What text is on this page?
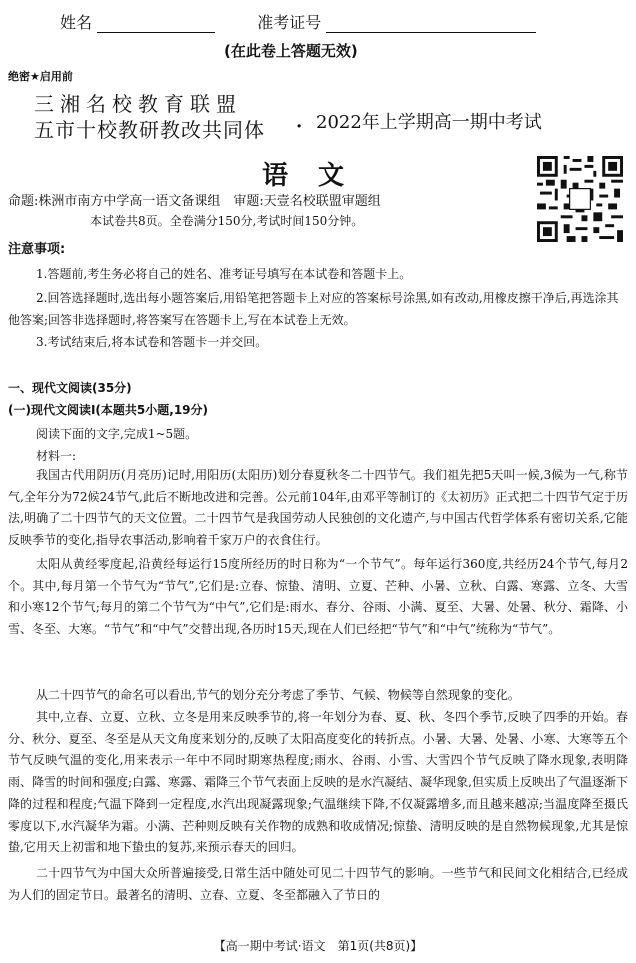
姓名	准考证号
(在此卷上答题无效)
绝密★启用前
三湘名校教育联盟
五市十校教研教改共同体 · 2022年上学期高一期中考试
语 文
命题:株洲市南方中学高一语文备课组　审题:天壹名校联盟审题组
本试卷共8页。全卷满分150分,考试时间150分钟。
注意事项:
1.答题前,考生务必将自己的姓名、准考证号填写在本试卷和答题卡上。
2.回答选择题时,选出每小题答案后,用铅笔把答题卡上对应的答案标号涂黑,如有改动,用橡皮擦干净后,再选涂其他答案;回答非选择题时,将答案写在答题卡上,写在本试卷上无效。
3.考试结束后,将本试卷和答题卡一并交回。
一、现代文阅读(35分)
(一)现代文阅读Ⅰ(本题共5小题,19分)
阅读下面的文字,完成1~5题。
材料一:
我国古代用阴历(月亮历)记时,用阳历(太阳历)划分春夏秋冬二十四节气。我们祖先把5天叫一候,3候为一气,称节气,全年分为72候24节气,此后不断地改进和完善。公元前104年,由邓平等制订的《太初历》正式把二十四节气定于历法,明确了二十四节气的天文位置。二十四节气是我国劳动人民独创的文化遗产,与中国古代哲学体系有密切关系,它能反映季节的变化,指导农事活动,影响着千家万户的衣食住行。
太阳从黄经零度起,沿黄经每运行15度所经历的时日称为“一个节气”。每年运行360度,共经历24个节气,每月2个。其中,每月第一个节气为“节气”,它们是:立春、惊蛰、清明、立夏、芒种、小暑、立秋、白露、寒露、立冬、大雪和小寒12个节气;每月的第二个节气为“中气”,它们是:雨水、春分、谷雨、小满、夏至、大暑、处暑、秋分、霜降、小雪、冬至、大寒。“节气”和“中气”交替出现,各历时15天,现在人们已经把“节气”和“中气”统称为“节气”。
从二十四节气的命名可以看出,节气的划分充分考虑了季节、气候、物候等自然现象的变化。
其中,立春、立夏、立秋、立冬是用来反映季节的,将一年划分为春、夏、秋、冬四个季节,反映了四季的开始。春分、秋分、夏至、冬至是从天文角度来划分的,反映了太阳高度变化的转折点。小暑、大暑、处暑、小寒、大寒等五个节气反映气温的变化,用来表示一年中不同时期寒热程度;雨水、谷雨、小雪、大雪四个节气反映了降水现象,表明降雨、降雪的时间和强度;白露、寒露、霜降三个节气表面上反映的是水汽凝结、凝华现象,但实质上反映出了气温逐渐下降的过程和程度;气温下降到一定程度,水汽出现凝露现象;气温继续下降,不仅凝露增多,而且越来越凉;当温度降至摄氏零度以下,水汽凝华为霜。小满、芒种则反映有关作物的成熟和收成情况;惊蛰、清明反映的是自然物候现象,尤其是惊蛰,它用天上初雷和地下蛰虫的复苏,来预示春天的回归。
二十四节气为中国大众所普遍接受,日常生活中随处可见二十四节气的影响。一些节气和民间文化相结合,已经成为人们的固定节日。最著名的清明、立春、立夏、冬至都融入了节日的
【高一期中考试·语文　第1页(共8页)】
